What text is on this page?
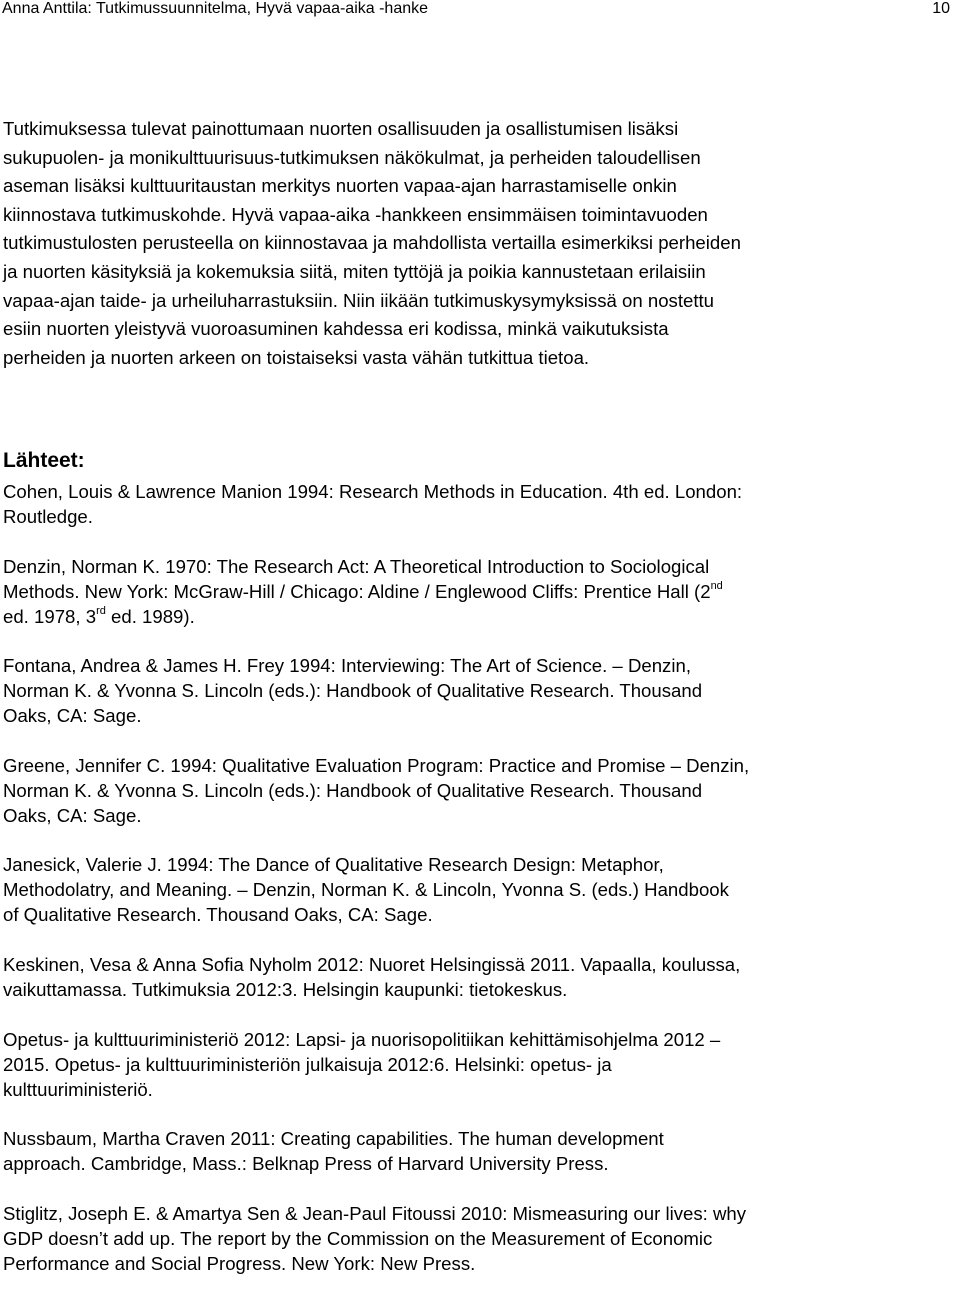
Anna Anttila: Tutkimussuunnitelma, Hyvä vapaa-aika -hanke	10
Tutkimuksessa tulevat painottumaan nuorten osallisuuden ja osallistumisen lisäksi
sukupuolen- ja monikulttuurisuus-tutkimuksen näkökulmat, ja perheiden taloudellisen
aseman lisäksi kulttuuritaustan merkitys nuorten vapaa-ajan harrastamiselle onkin
kiinnostava tutkimuskohde. Hyvä vapaa-aika -hankkeen ensimmäisen toimintavuoden
tutkimustulosten perusteella on kiinnostavaa ja mahdollista vertailla esimerkiksi perheiden
ja nuorten käsityksiä ja kokemuksia siitä, miten tyttöjä ja poikia kannustetaan erilaisiin
vapaa-ajan taide- ja urheiluharrastuksiin. Niin iikään tutkimuskysymyksissä on nostettu
esiin nuorten yleistyvä vuoroasuminen kahdessa eri kodissa, minkä vaikutuksista
perheiden ja nuorten arkeen on toistaiseksi vasta vähän tutkittua tietoa.
Lähteet:
Cohen, Louis & Lawrence Manion 1994: Research Methods in Education. 4th ed. London:
Routledge.
Denzin, Norman K. 1970: The Research Act: A Theoretical Introduction to Sociological
Methods. New York: McGraw-Hill / Chicago: Aldine / Englewood Cliffs: Prentice Hall (2nd
ed. 1978, 3rd ed. 1989).
Fontana, Andrea & James H. Frey 1994: Interviewing: The Art of Science. – Denzin,
Norman K. & Yvonna S. Lincoln (eds.): Handbook of Qualitative Research. Thousand
Oaks, CA: Sage.
Greene, Jennifer C. 1994: Qualitative Evaluation Program: Practice and Promise – Denzin,
Norman K. & Yvonna S. Lincoln (eds.): Handbook of Qualitative Research. Thousand
Oaks, CA: Sage.
Janesick, Valerie J. 1994: The Dance of Qualitative Research Design: Metaphor,
Methodolatry, and Meaning. – Denzin, Norman K. & Lincoln, Yvonna S. (eds.) Handbook
of Qualitative Research. Thousand Oaks, CA: Sage.
Keskinen, Vesa & Anna Sofia Nyholm 2012: Nuoret Helsingissä 2011. Vapaalla, koulussa,
vaikuttamassa. Tutkimuksia 2012:3. Helsingin kaupunki: tietokeskus.
Opetus- ja kulttuuriministeriö 2012: Lapsi- ja nuorisopolitiikan kehittämisohjelma 2012 –
2015. Opetus- ja kulttuuriministeriön julkaisuja 2012:6. Helsinki: opetus- ja
kulttuuriministeriö.
Nussbaum, Martha Craven 2011: Creating capabilities. The human development
approach. Cambridge, Mass.: Belknap Press of Harvard University Press.
Stiglitz, Joseph E. & Amartya Sen & Jean-Paul Fitoussi 2010: Mismeasuring our lives: why
GDP doesn’t add up. The report by the Commission on the Measurement of Economic
Performance and Social Progress. New York: New Press.
